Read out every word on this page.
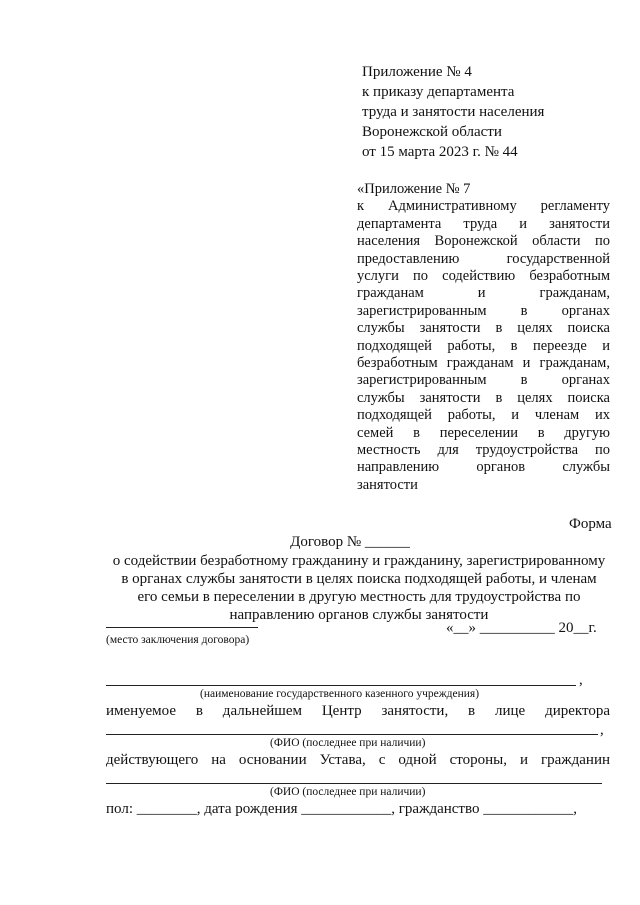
Приложение № 4
к приказу департамента
труда и занятости населения
Воронежской области
от 15 марта 2023 г. № 44
«Приложение № 7
к Административному регламенту
департамента труда и занятости
населения Воронежской области по
предоставлению государственной
услуги по содействию безработным
гражданам и гражданам,
зарегистрированным в органах
службы занятости в целях поиска
подходящей работы, в переезде и
безработным гражданам и гражданам,
зарегистрированным в органах
службы занятости в целях поиска
подходящей работы, и членам их
семей в переселении в другую
местность для трудоустройства по
направлению органов службы
занятости
Форма
Договор № ______
о содействии безработному гражданину и гражданину, зарегистрированному
в органах службы занятости в целях поиска подходящей работы, и членам
его семьи в переселении в другую местность для трудоустройства по
направлению органов службы занятости
«__» __________ 20__г.
(место заключения договора)
,
(наименование государственного казенного учреждения)
именуемое в дальнейшем Центр занятости, в лице директора
,
(ФИО (последнее при наличии)
действующего на основании Устава, с одной стороны, и гражданин
(ФИО (последнее при наличии)
пол: ________, дата рождения ____________, гражданство ____________,
